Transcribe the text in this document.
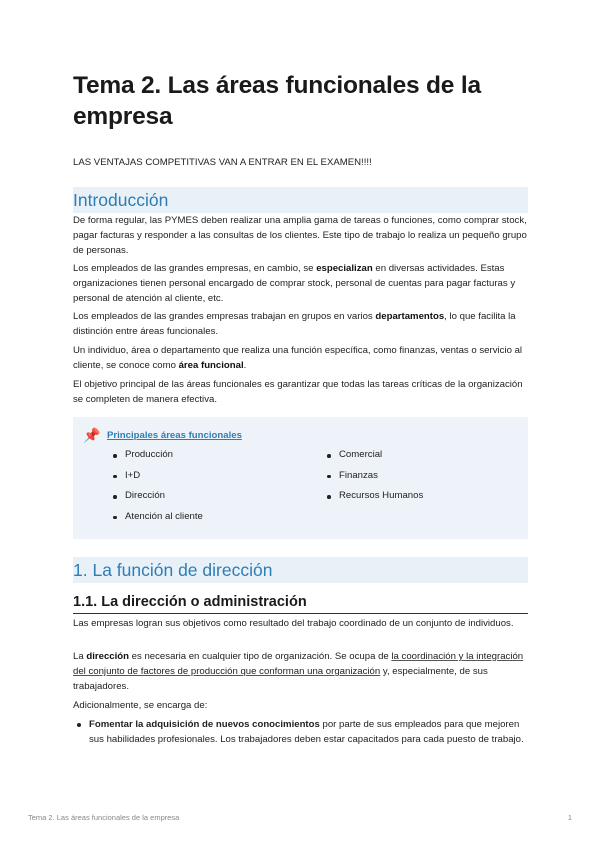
Tema 2. Las áreas funcionales de la empresa

LAS VENTAJAS COMPETITIVAS VAN A ENTRAR EN EL EXAMEN!!!!

Introducción

De forma regular, las PYMES deben realizar una amplia gama de tareas o funciones, como comprar stock, pagar facturas y responder a las consultas de los clientes. Este tipo de trabajo lo realiza un pequeño grupo de personas.

Los empleados de las grandes empresas, en cambio, se especializan en diversas actividades. Estas organizaciones tienen personal encargado de comprar stock, personal de cuentas para pagar facturas y personal de atención al cliente, etc.

Los empleados de las grandes empresas trabajan en grupos en varios departamentos, lo que facilita la distinción entre áreas funcionales.

Un individuo, área o departamento que realiza una función específica, como finanzas, ventas o servicio al cliente, se conoce como área funcional.

El objetivo principal de las áreas funcionales es garantizar que todas las tareas críticas de la organización se completen de manera efectiva.

📌 Principales áreas funcionales

Producción
I+D
Dirección
Atención al cliente
Comercial
Finanzas
Recursos Humanos
1. La función de dirección
1.1. La dirección o administración

Las empresas logran sus objetivos como resultado del trabajo coordinado de un conjunto de individuos.

La dirección es necesaria en cualquier tipo de organización. Se ocupa de la coordinación y la integración del conjunto de factores de producción que conforman una organización y, especialmente, de sus trabajadores.

Adicionalmente, se encarga de:

Fomentar la adquisición de nuevos conocimientos por parte de sus empleados para que mejoren sus habilidades profesionales. Los trabajadores deben estar capacitados para cada puesto de trabajo.
Tema 2. Las áreas funcionales de la empresa	1
